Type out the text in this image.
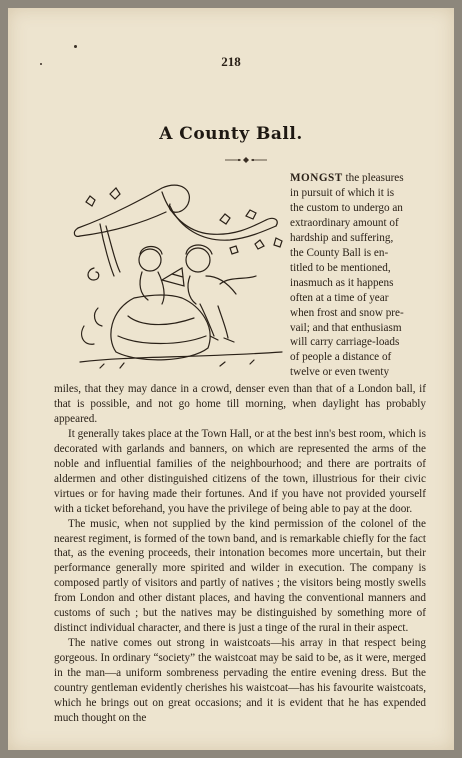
218
A County Ball.
MONGST the pleasures
in pursuit of which it is
the custom to undergo an
extraordinary amount of
hardship and suffering,
the County Ball is en-
titled to be mentioned,
inasmuch as it happens
often at a time of year
when frost and snow pre-
vail; and that enthusiasm
will carry carriage-loads
of people a distance of
twelve or even twenty

miles, that they may dance in a crowd, denser even than that of a London ball, if that is possible, and not go home till morning, when daylight has probably appeared.

It generally takes place at the Town Hall, or at the best inn's best room, which is decorated with garlands and banners, on which are represented the arms of the noble and influential families of the neighbourhood; and there are portraits of aldermen and other distinguished citizens of the town, illustrious for their civic virtues or for having made their fortunes. And if you have not provided yourself with a ticket beforehand, you have the privilege of being able to pay at the door.

The music, when not supplied by the kind permission of the colonel of the nearest regiment, is formed of the town band, and is remarkable chiefly for the fact that, as the evening proceeds, their intonation becomes more uncertain, but their performance generally more spirited and wilder in execution. The company is composed partly of visitors and partly of natives ; the visitors being mostly swells from London and other distant places, and having the conventional manners and customs of such ; but the natives may be distinguished by something more of distinct individual character, and there is just a tinge of the rural in their aspect.

The native comes out strong in waistcoats—his array in that respect being gorgeous. In ordinary “society” the waistcoat may be said to be, as it were, merged in the man—a uniform sombreness pervading the entire evening dress. But the country gentleman evidently cherishes his waistcoat—has his favourite waistcoats, which he brings out on great occasions; and it is evident that he has expended much thought on the
